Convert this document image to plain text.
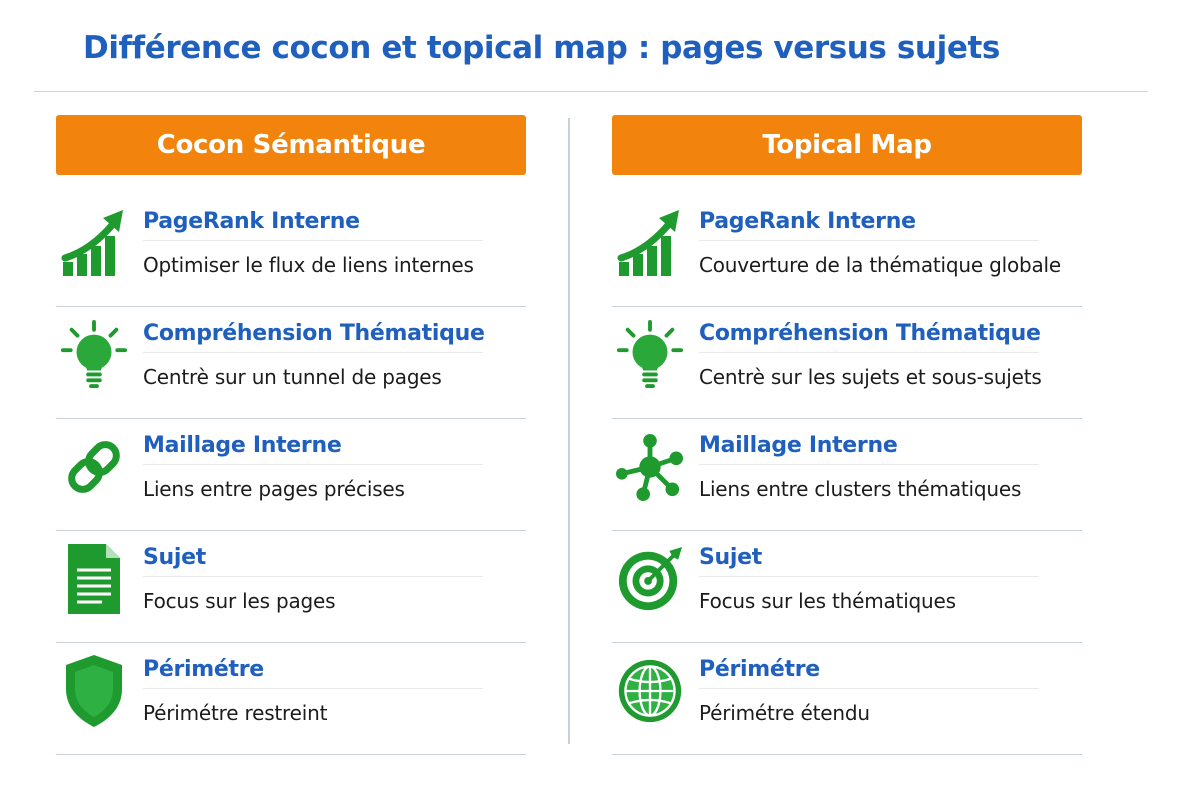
Différence cocon et topical map : pages versus sujets
Cocon Sémantique
PageRank Interne
Optimiser le flux de liens internes
Compréhension Thématique
Centrè sur un tunnel de pages
Maillage Interne
Liens entre pages précises
Sujet
Focus sur les pages
Périmétre
Périmétre restreint
Topical Map
PageRank Interne
Couverture de la thématique globale
Compréhension Thématique
Centrè sur les sujets et sous-sujets
Maillage Interne
Liens entre clusters thématiques
Sujet
Focus sur les thématiques
Périmétre
Périmétre étendu
